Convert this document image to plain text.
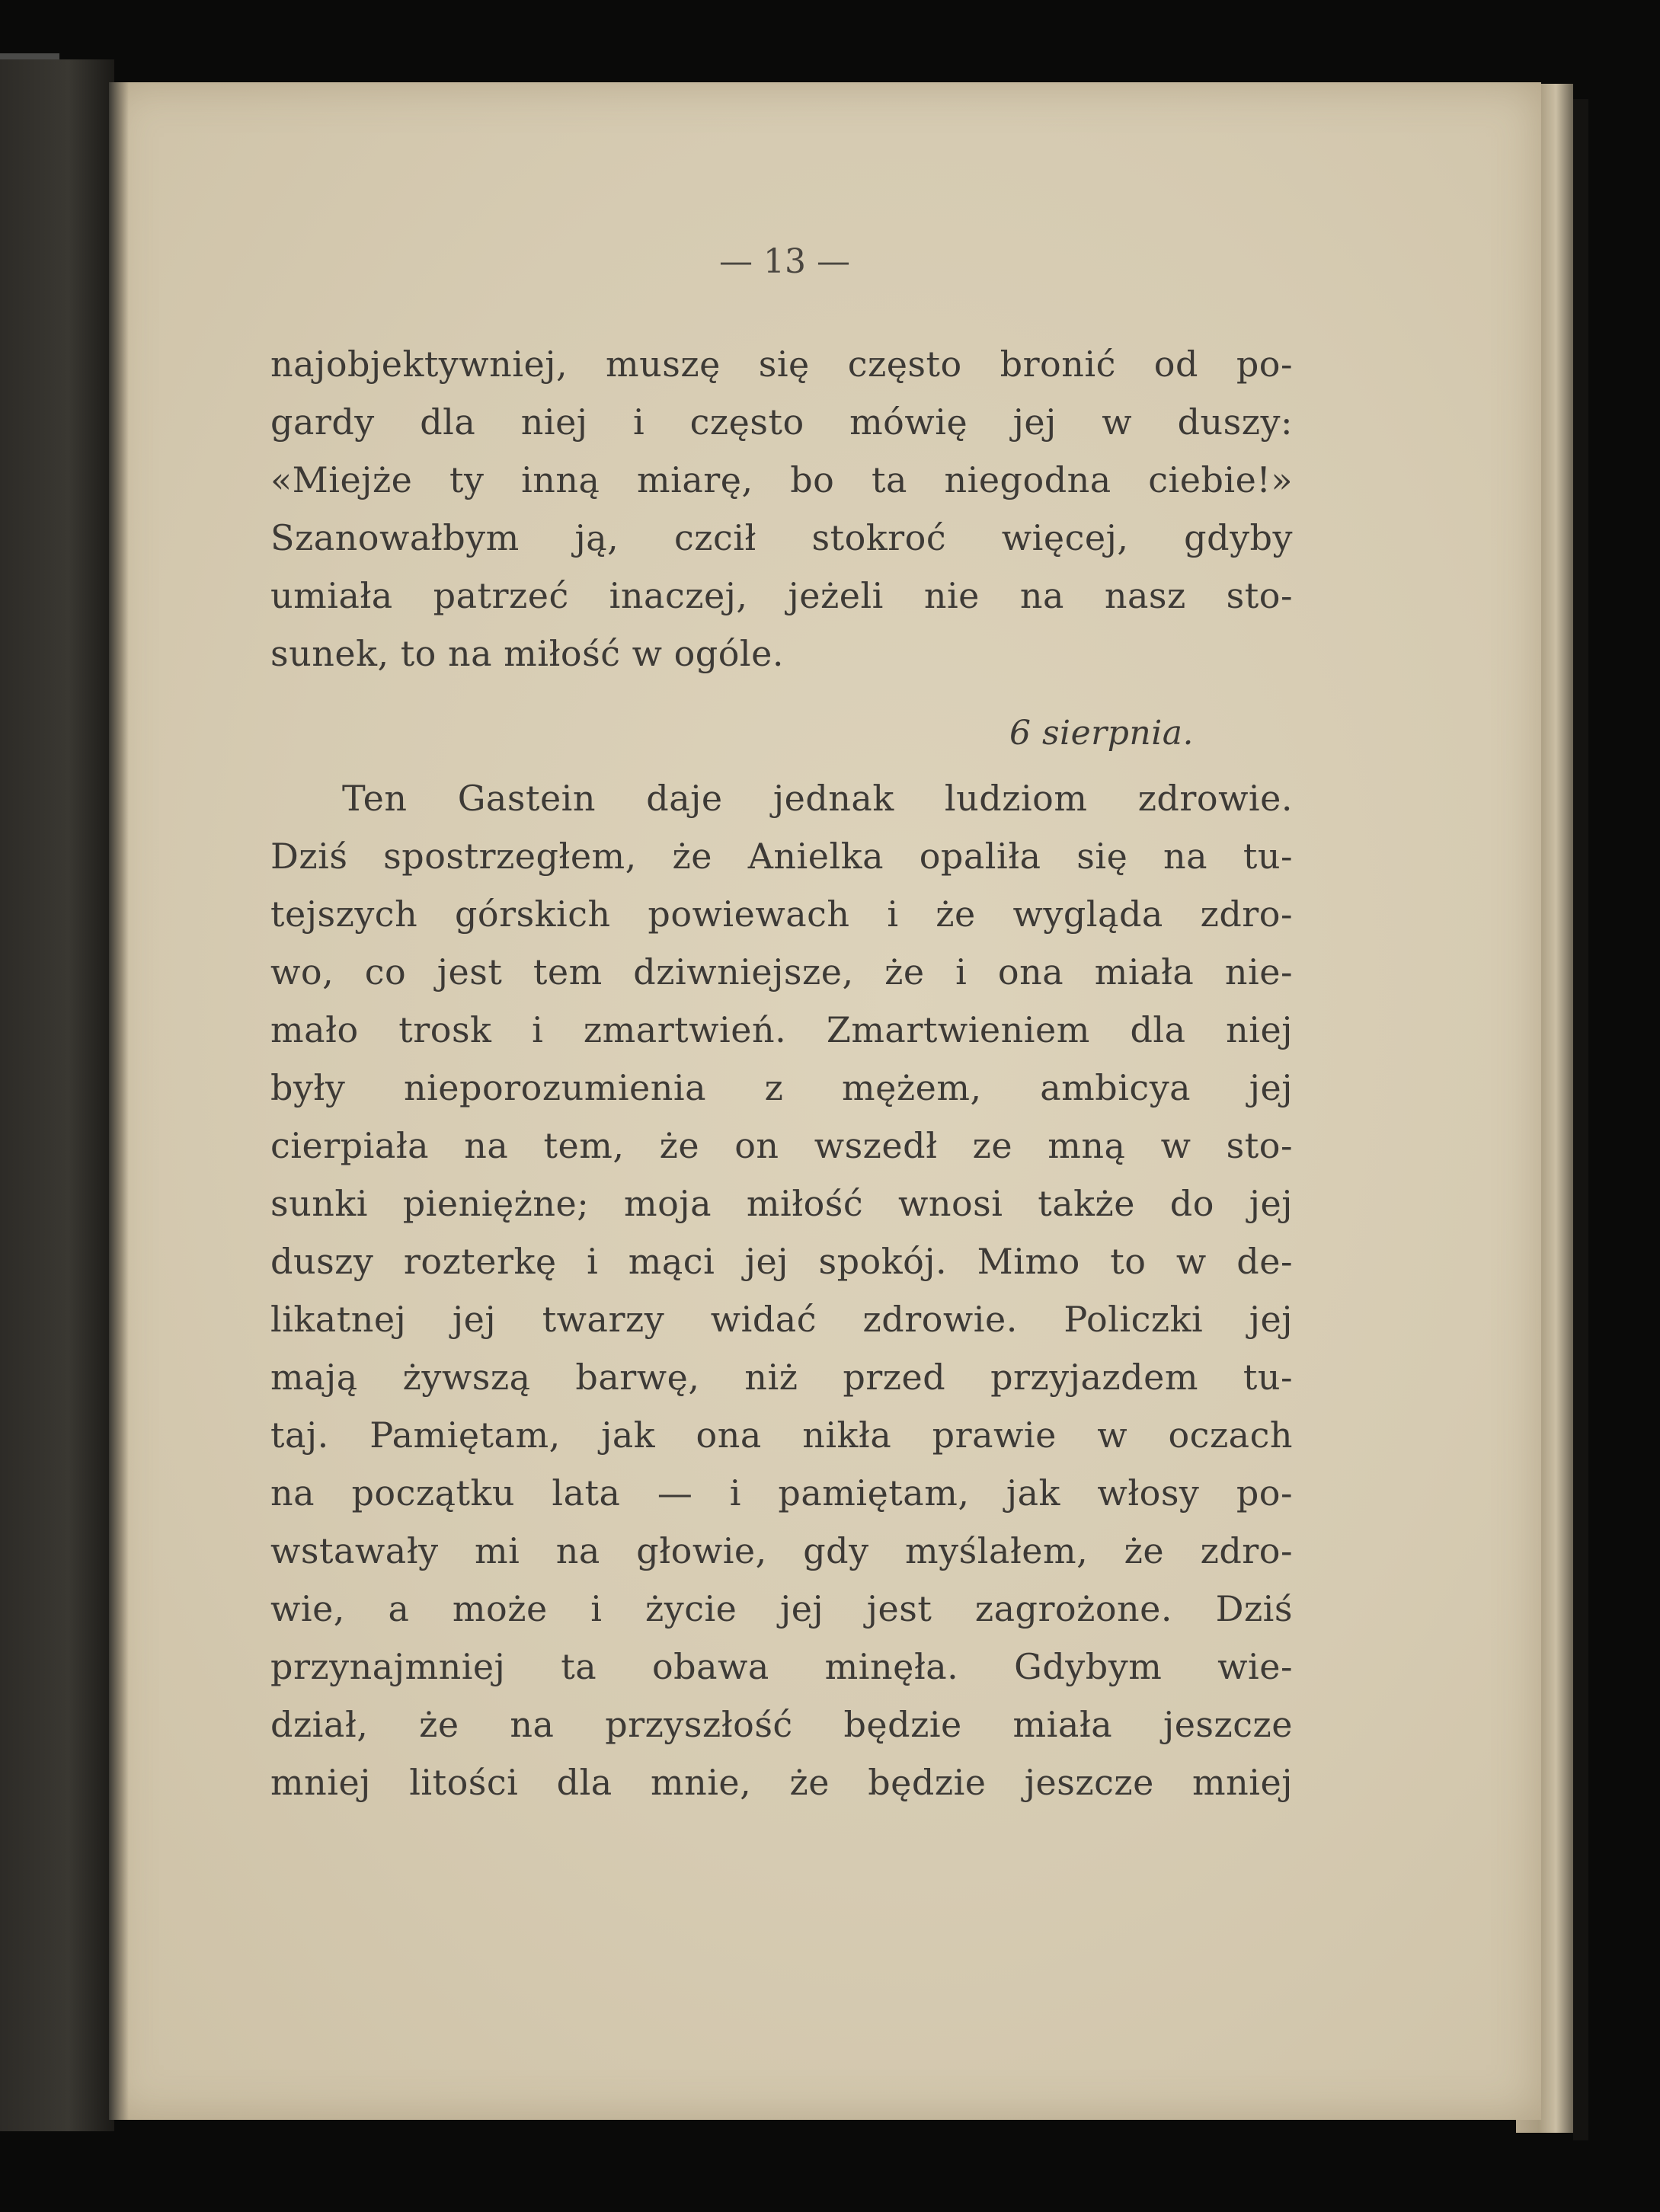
— 13 —
najobjektywniej, muszę się często bronić od po-
gardy dla niej i często mówię jej w duszy:
«Miejże ty inną miarę, bo ta niegodna ciebie!»
Szanowałbym ją, czcił stokroć więcej, gdyby
umiała patrzeć inaczej, jeżeli nie na nasz sto-
sunek, to na miłość w ogóle.
6 sierpnia.
Ten Gastein daje jednak ludziom zdrowie.
Dziś spostrzegłem, że Anielka opaliła się na tu-
tejszych górskich powiewach i że wygląda zdro-
wo, co jest tem dziwniejsze, że i ona miała nie-
mało trosk i zmartwień. Zmartwieniem dla niej
były nieporozumienia z mężem, ambicya jej
cierpiała na tem, że on wszedł ze mną w sto-
sunki pieniężne; moja miłość wnosi także do jej
duszy rozterkę i mąci jej spokój. Mimo to w de-
likatnej jej twarzy widać zdrowie. Policzki jej
mają żywszą barwę, niż przed przyjazdem tu-
taj. Pamiętam, jak ona nikła prawie w oczach
na początku lata — i pamiętam, jak włosy po-
wstawały mi na głowie, gdy myślałem, że zdro-
wie, a może i życie jej jest zagrożone. Dziś
przynajmniej ta obawa minęła. Gdybym wie-
dział, że na przyszłość będzie miała jeszcze
mniej litości dla mnie, że będzie jeszcze mniej
